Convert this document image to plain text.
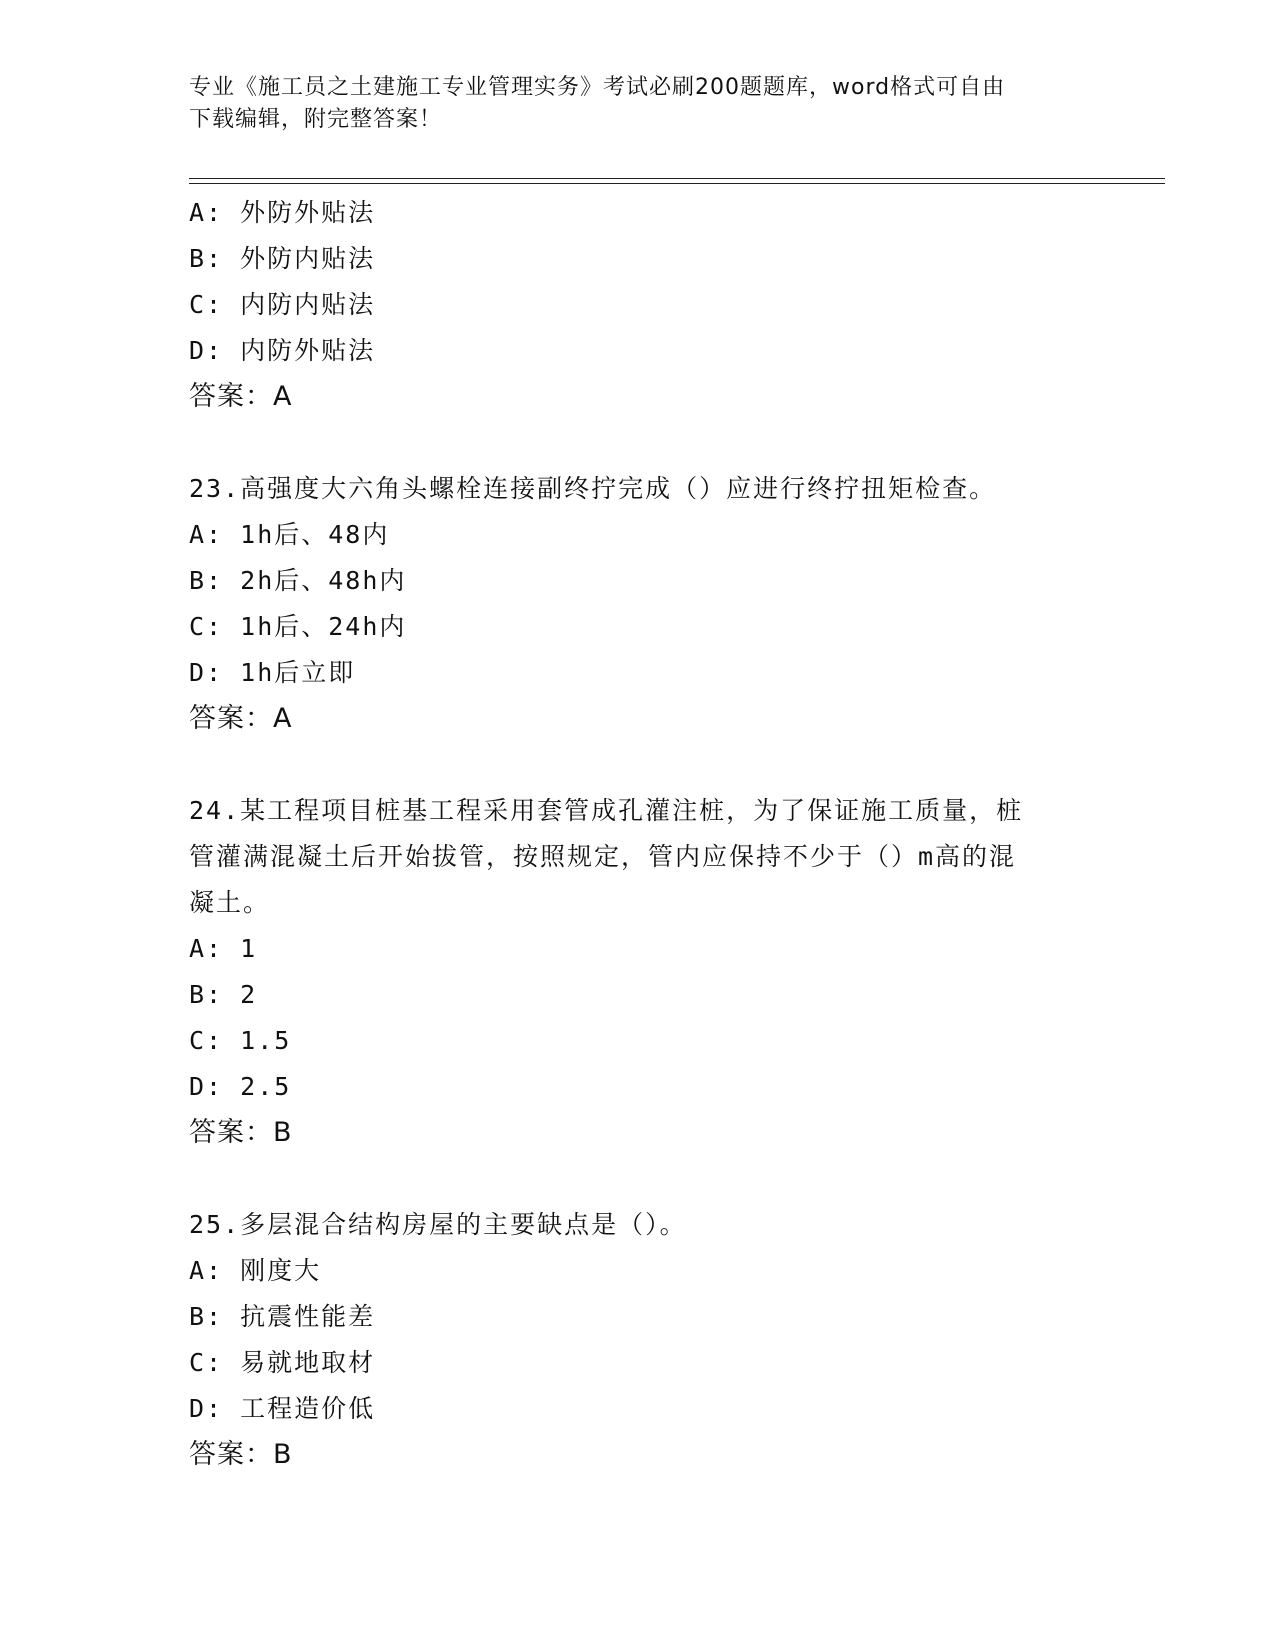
专业《施工员之土建施工专业管理实务》考试必刷200题题库，word格式可自由
下载编辑，附完整答案！
A: 外防外贴法
B: 外防内贴法
C: 内防内贴法
D: 内防外贴法
答案：A
23.高强度大六角头螺栓连接副终拧完成（）应进行终拧扭矩检查。
A: 1h后、48内
B: 2h后、48h内
C: 1h后、24h内
D: 1h后立即
答案：A
24.某工程项目桩基工程采用套管成孔灌注桩，为了保证施工质量，桩
管灌满混凝土后开始拔管，按照规定，管内应保持不少于（）m高的混
凝土。
A: 1
B: 2
C: 1.5
D: 2.5
答案：B
25.多层混合结构房屋的主要缺点是（）。
A: 刚度大
B: 抗震性能差
C: 易就地取材
D: 工程造价低
答案：B
